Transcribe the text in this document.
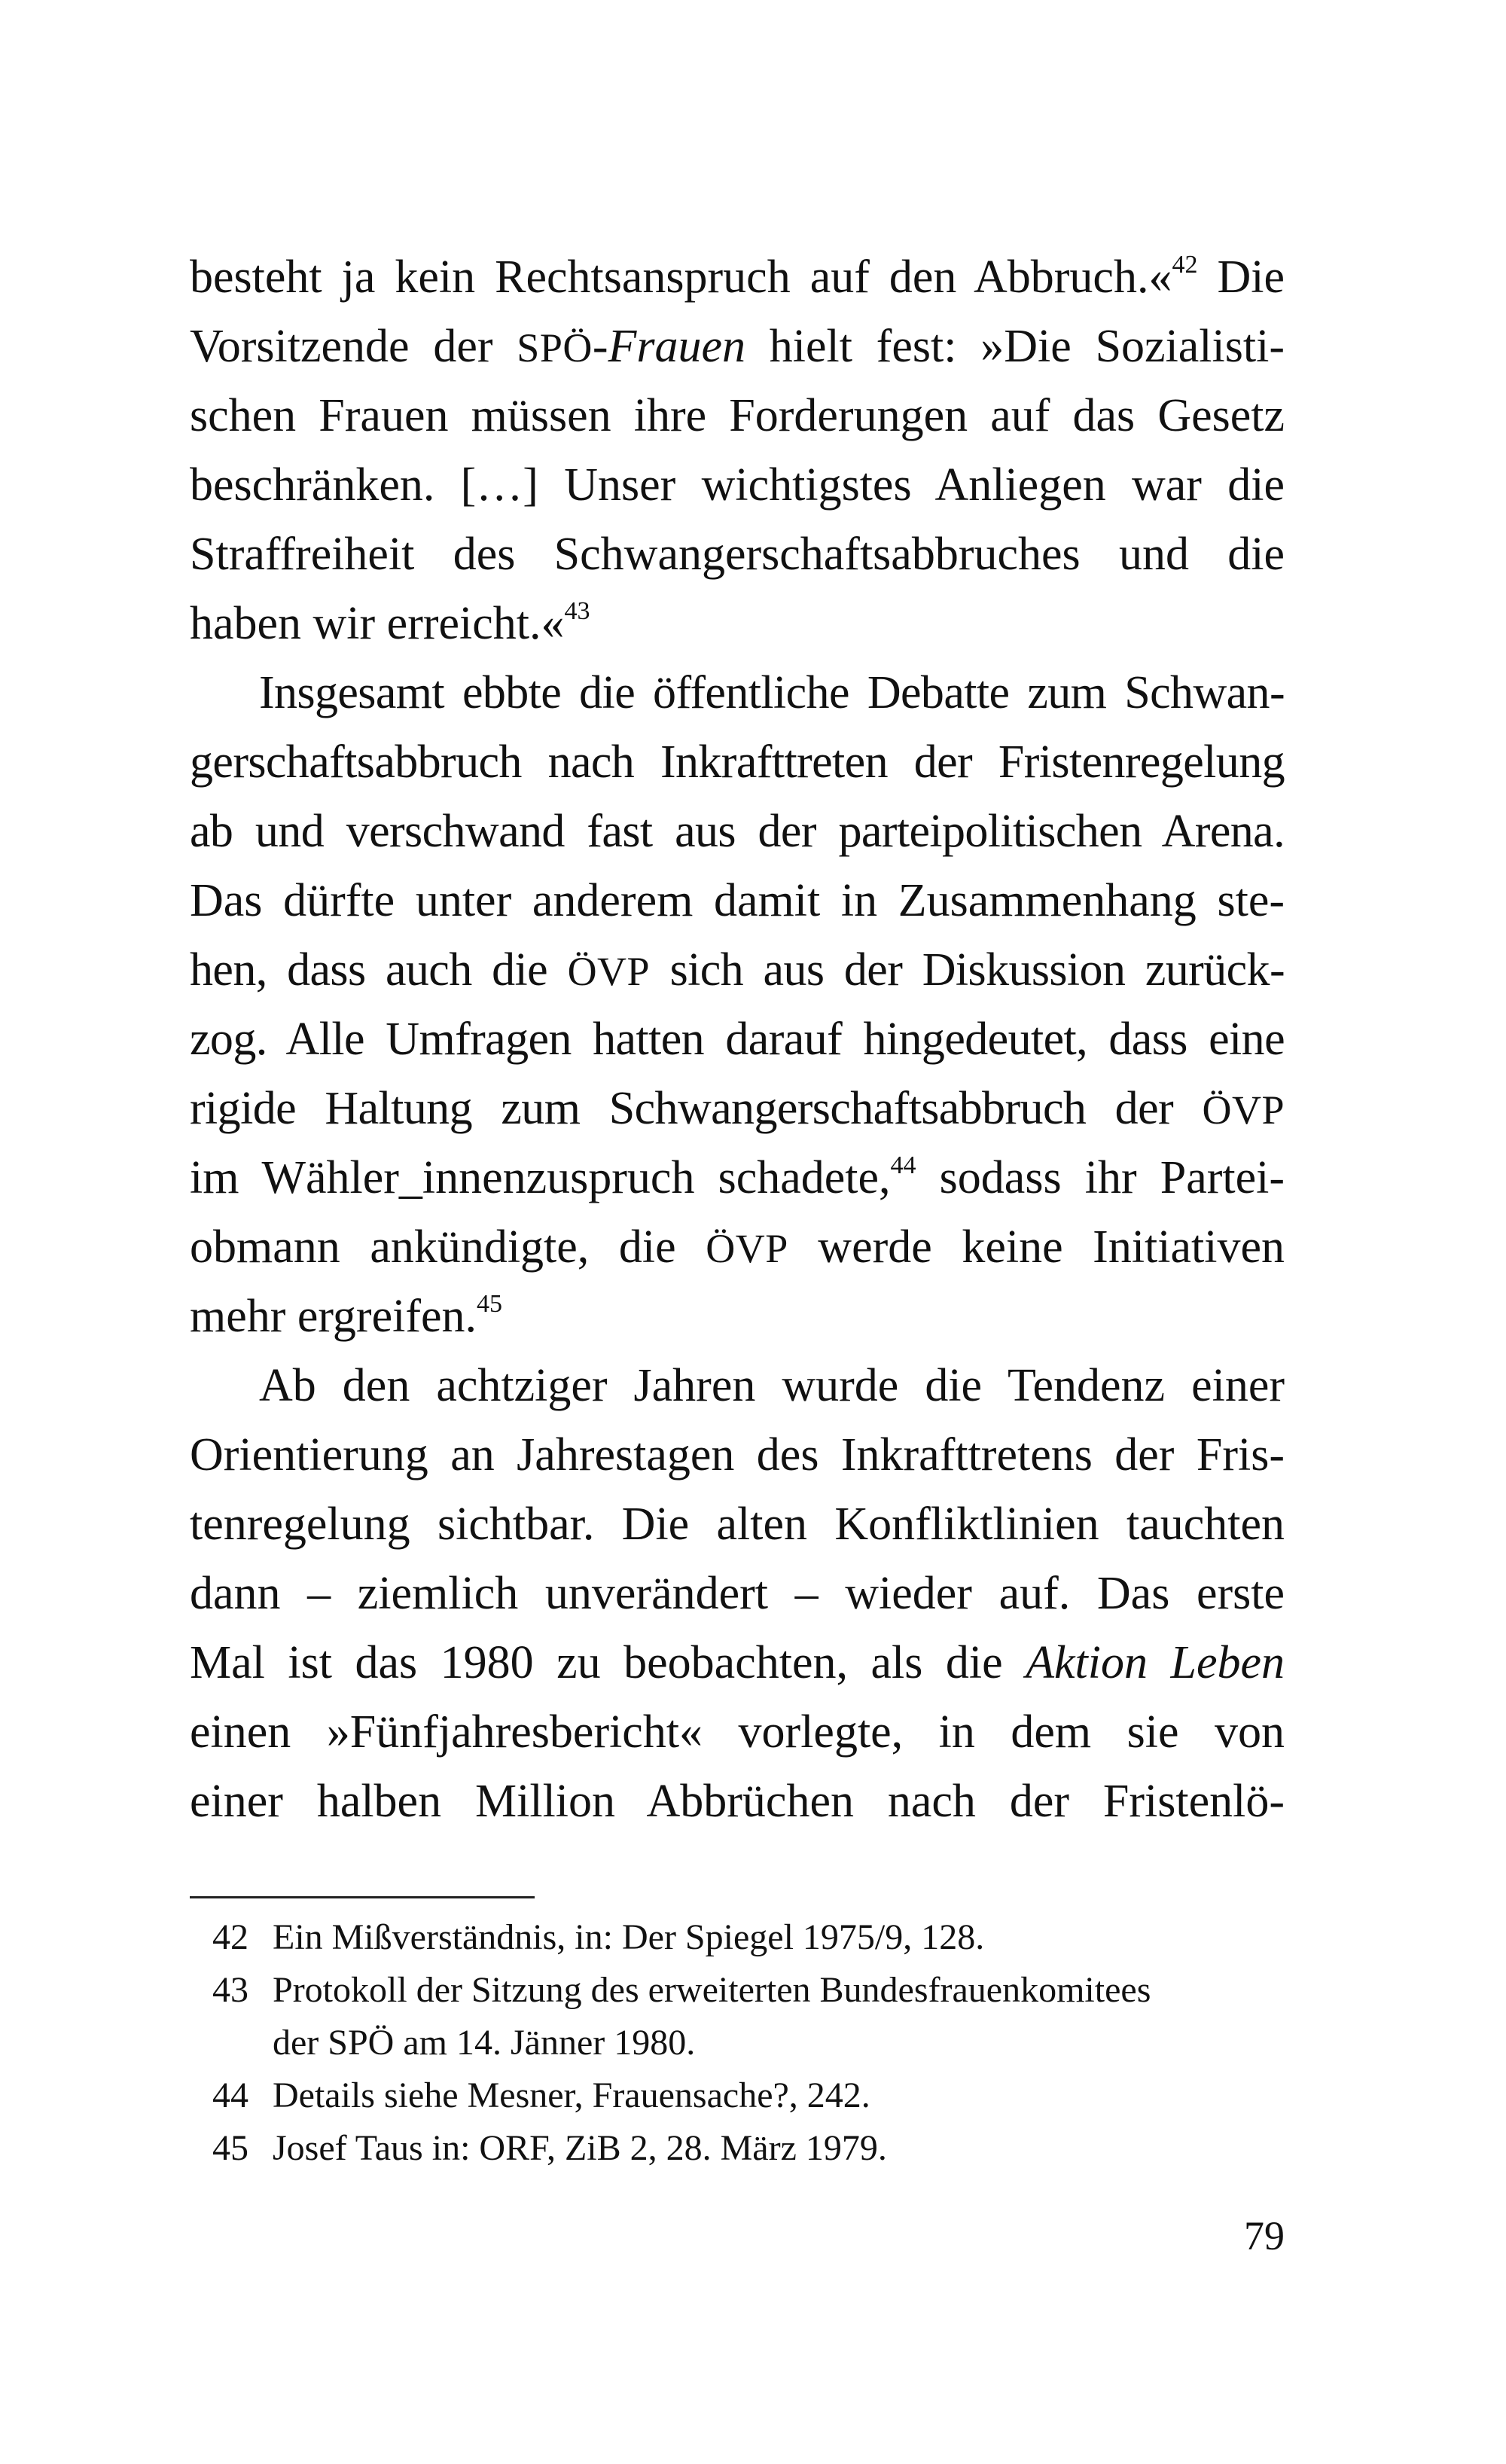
besteht ja kein Rechtsanspruch auf den Abbruch.«$^{42}$ Die
Vorsitzende der SPÖ-Frauen hielt fest: »Die Sozialisti-
schen Frauen müssen ihre Forderungen auf das Gesetz
beschränken. […] Unser wichtigstes Anliegen war die
Straffreiheit des Schwangerschaftsabbruches und die
haben wir erreicht.«$^{43}$
Insgesamt ebbte die öffentliche Debatte zum Schwan-
gerschaftsabbruch nach Inkrafttreten der Fristenregelung
ab und verschwand fast aus der parteipolitischen Arena.
Das dürfte unter anderem damit in Zusammenhang ste-
hen, dass auch die ÖVP sich aus der Diskussion zurück-
zog. Alle Umfragen hatten darauf hingedeutet, dass eine
rigide Haltung zum Schwangerschaftsabbruch der ÖVP
im Wähler_innenzuspruch schadete,$^{44}$ sodass ihr Partei-
obmann ankündigte, die ÖVP werde keine Initiativen
mehr ergreifen.$^{45}$
Ab den achtziger Jahren wurde die Tendenz einer
Orientierung an Jahrestagen des Inkrafttretens der Fris-
tenregelung sichtbar. Die alten Konfliktlinien tauchten
dann – ziemlich unverändert – wieder auf. Das erste
Mal ist das 1980 zu beobachten, als die Aktion Leben
einen »Fünfjahresbericht« vorlegte, in dem sie von
einer halben Million Abbrüchen nach der Fristenlö-
42 Ein Mißverständnis, in: Der Spiegel 1975/9, 128.
43 Protokoll der Sitzung des erweiterten Bundesfrauenkomitees
der SPÖ am 14. Jänner 1980.
44 Details siehe Mesner, Frauensache?, 242.
45 Josef Taus in: ORF, ZiB 2, 28. März 1979.
79
